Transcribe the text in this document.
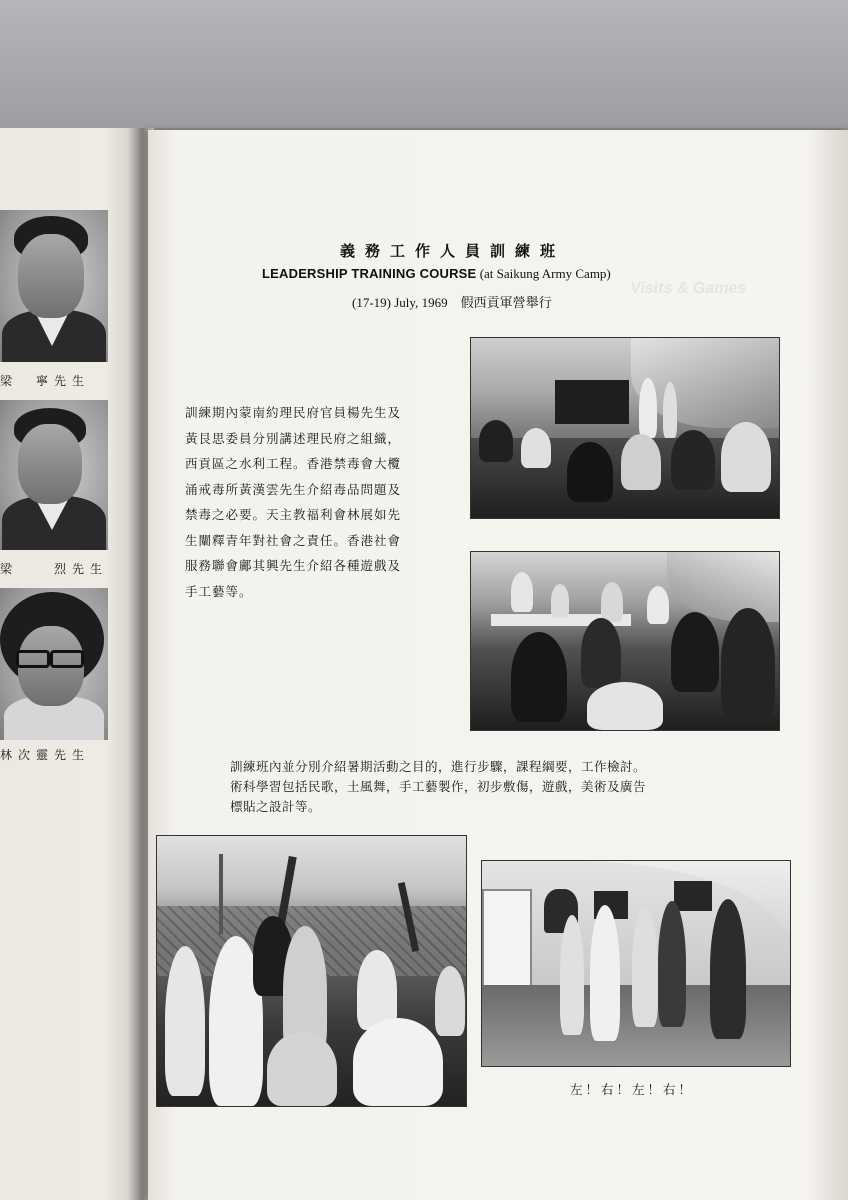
梁　寧先生
梁　　烈先生
林次靈先生
Visits & Games
義務工作人員訓練班
LEADERSHIP TRAINING COURSE (at Saikung Army Camp)
(17-19) July, 1969　假西貢軍營舉行
訓練期內蒙南約理民府官員楊先生及
黃艮思委員分別講述理民府之組織，
西貢區之水利工程。香港禁毒會大欖
涌戒毒所黃漢雲先生介紹毒品問題及
禁毒之必要。天主教福利會林展如先
生闡釋青年對社會之責任。香港社會
服務聯會鄺其興先生介紹各種遊戲及
手工藝等。
訓練班內並分別介紹暑期活動之目的，進行步驟，課程綱要，工作檢討。
術科學習包括民歌，土風舞，手工藝製作，初步敷傷，遊戲，美術及廣告
標貼之設計等。
左！右！左！右！
